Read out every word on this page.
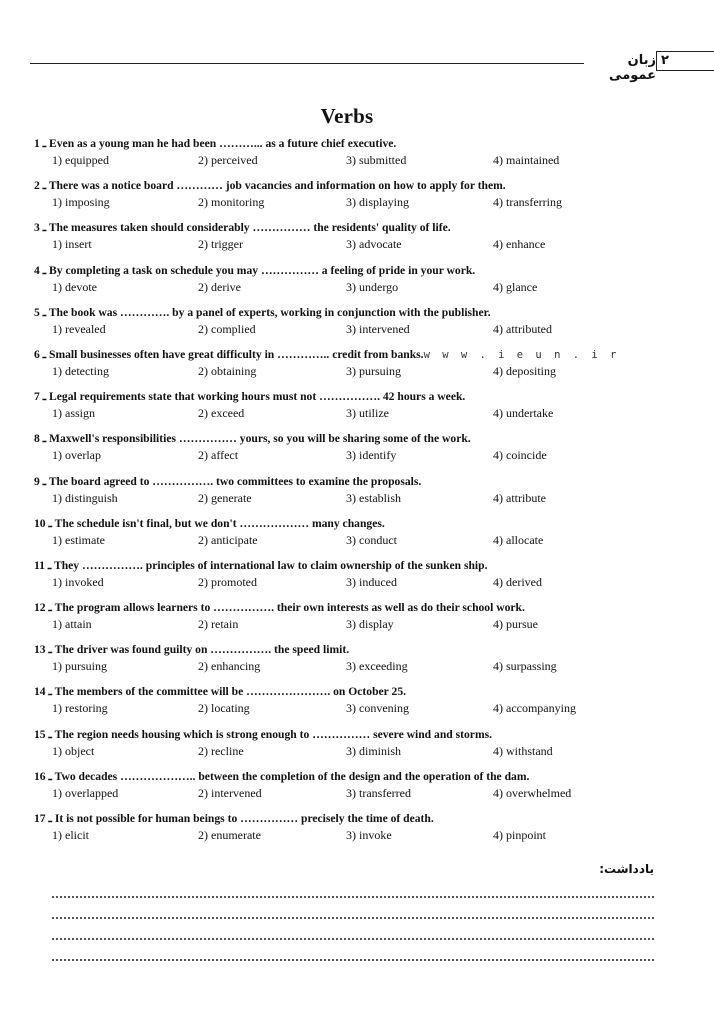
۲
زبان عمومی
Verbs
1 ـ Even as a young man he had been ………... as a future chief executive.
1) equipped	2) perceived	3) submitted	4) maintained
2 ـ There was a notice board ………… job vacancies and information on how to apply for them.
1) imposing	2) monitoring	3) displaying	4) transferring
3 ـ The measures taken should considerably …………… the residents' quality of life.
1) insert	2) trigger	3) advocate	4) enhance
4 ـ By completing a task on schedule you may …………… a feeling of pride in your work.
1) devote	2) derive	3) undergo	4) glance
5 ـ The book was …………. by a panel of experts, working in conjunction with the publisher.
1) revealed	2) complied	3) intervened	4) attributed
6 ـ Small businesses often have great difficulty in ………….. credit from banks.w w w . i e u n . i r
1) detecting	2) obtaining	3) pursuing	4) depositing
7 ـ Legal requirements state that working hours must not ……………. 42 hours a week.
1) assign	2) exceed	3) utilize	4) undertake
8 ـ Maxwell's responsibilities …………… yours, so you will be sharing some of the work.
1) overlap	2) affect	3) identify	4) coincide
9 ـ The board agreed to ……………. two committees to examine the proposals.
1) distinguish	2) generate	3) establish	4) attribute
10 ـ The schedule isn't final, but we don't ……………… many changes.
1) estimate	2) anticipate	3) conduct	4) allocate
11 ـ They ……………. principles of international law to claim ownership of the sunken ship.
1) invoked	2) promoted	3) induced	4) derived
12 ـ The program allows learners to ……………. their own interests as well as do their school work.
1) attain	2) retain	3) display	4) pursue
13 ـ The driver was found guilty on ……………. the speed limit.
1) pursuing	2) enhancing	3) exceeding	4) surpassing
14 ـ The members of the committee will be …………………. on October 25.
1) restoring	2) locating	3) convening	4) accompanying
15 ـ The region needs housing which is strong enough to …………… severe wind and storms.
1) object	2) recline	3) diminish	4) withstand
16 ـ Two decades ……………….. between the completion of the design and the operation of the dam.
1) overlapped	2) intervened	3) transferred	4) overwhelmed
17 ـ It is not possible for human beings to …………… precisely the time of death.
1) elicit	2) enumerate	3) invoke	4) pinpoint
یادداشت:
